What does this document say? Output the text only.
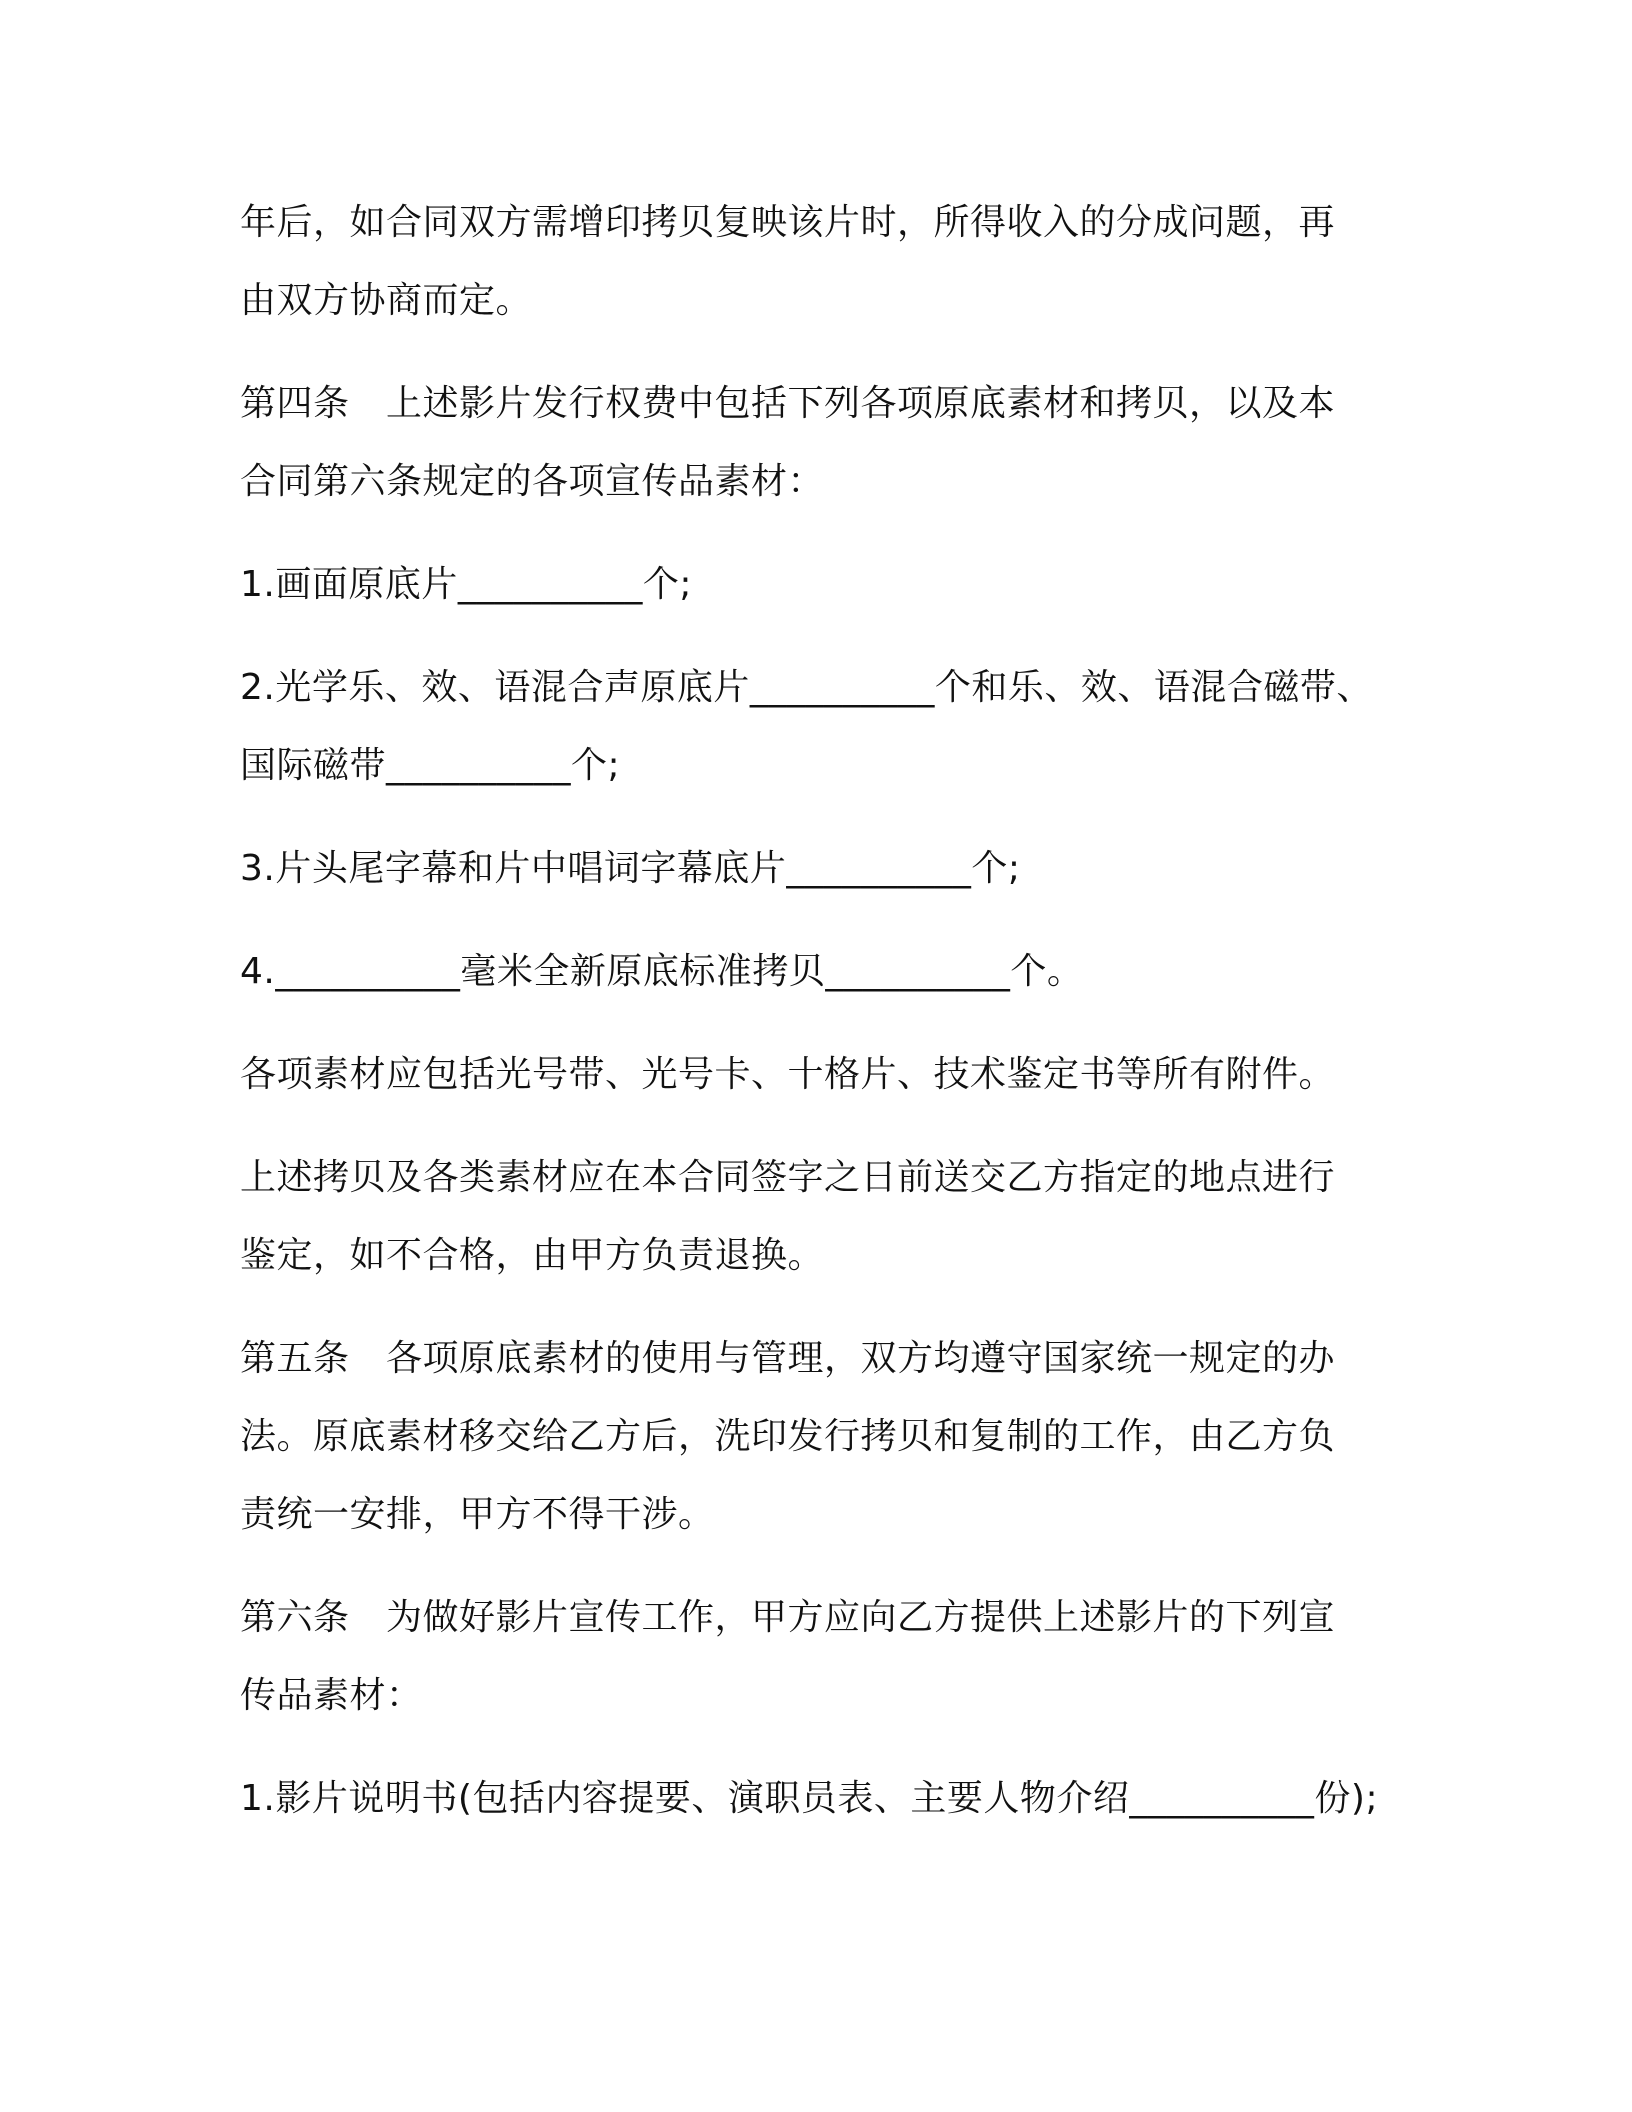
年后，如合同双方需增印拷贝复映该片时，所得收入的分成问题，再
由双方协商而定。

第四条　上述影片发行权费中包括下列各项原底素材和拷贝，以及本
合同第六条规定的各项宣传品素材：

1.画面原底片__________个;

2.光学乐、效、语混合声原底片__________个和乐、效、语混合磁带、
国际磁带__________个;

3.片头尾字幕和片中唱词字幕底片__________个;

4.__________毫米全新原底标准拷贝__________个。

各项素材应包括光号带、光号卡、十格片、技术鉴定书等所有附件。

上述拷贝及各类素材应在本合同签字之日前送交乙方指定的地点进行
鉴定，如不合格，由甲方负责退换。

第五条　各项原底素材的使用与管理，双方均遵守国家统一规定的办
法。原底素材移交给乙方后，洗印发行拷贝和复制的工作，由乙方负
责统一安排，甲方不得干涉。

第六条　为做好影片宣传工作，甲方应向乙方提供上述影片的下列宣
传品素材：

1.影片说明书(包括内容提要、演职员表、主要人物介绍__________份);
